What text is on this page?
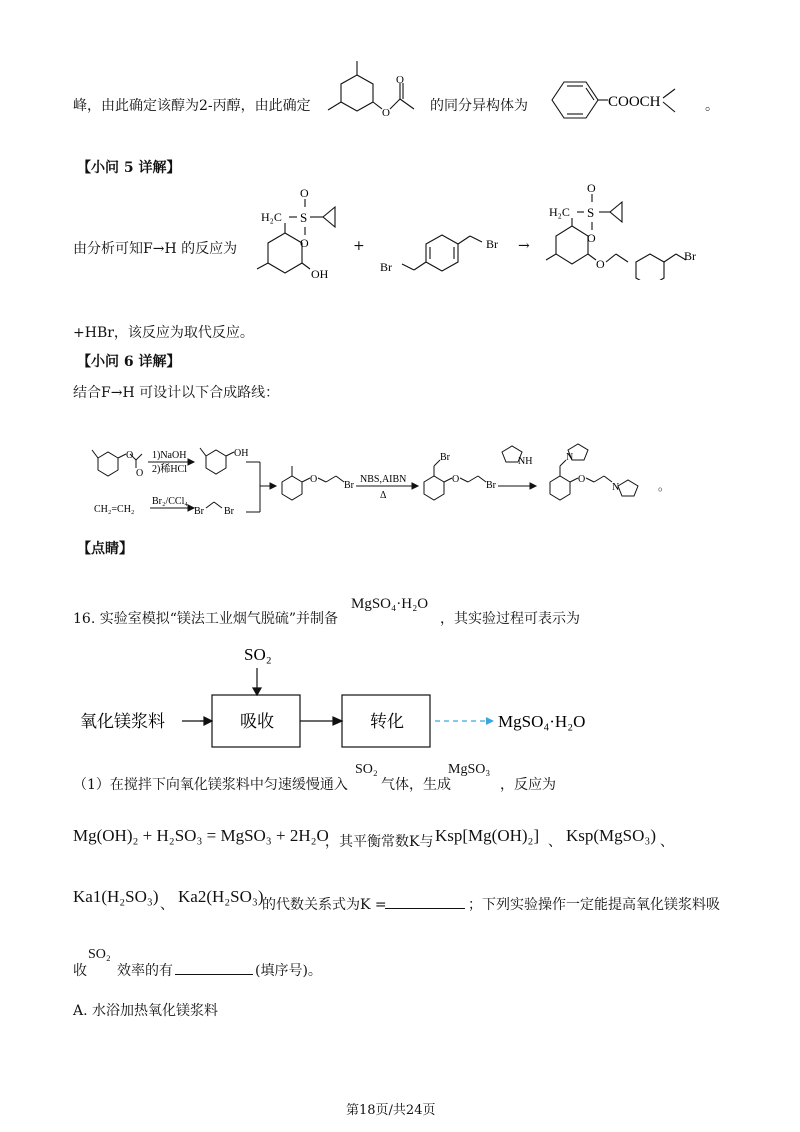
峰，由此确定该醇为2-丙醇，由此确定	O
O
的同分异构体为	COOCH	。
【小问 5 详解】
由分析可知F→H 的反应为
H₂C S
O
O
OH
+
Br
Br →
H₂C S
O
O
O
Br
+HBr，该反应为取代反应。
【小问 6 详解】
结合F→H 可设计以下合成路线：
O
O
1)NaOH
2)稀HCl
OH
CH₂=CH₂
Br₂/CCl₄
Br Br
O
Br
NBS,AIBN
Δ
Br
O
Br
NH	N
O
N	。
【点睛】
16. 实验室模拟“镁法工业烟气脱硫”并制备
MgSO₄·H₂O
，其实验过程可表示为
SO₂
氧化镁浆料	吸收	转化	MgSO₄·H₂O
（1）在搅拌下向氧化镁浆料中匀速缓慢通入
SO₂
气体，生成
MgSO₃
，反应为
Mg(OH)₂ + H₂SO₃ = MgSO₃ + 2H₂O
，其平衡常数K与 Ksp[Mg(OH)₂] 、 Ksp(MgSO₃) 、
Ka1(H₂SO₃) 、 Ka2(H₂SO₃)
的代数关系式为K =	；下列实验操作一定能提高氧化镁浆料吸
收
SO₂
效率的有	(填序号)。
A. 水浴加热氧化镁浆料
第18页/共24页
